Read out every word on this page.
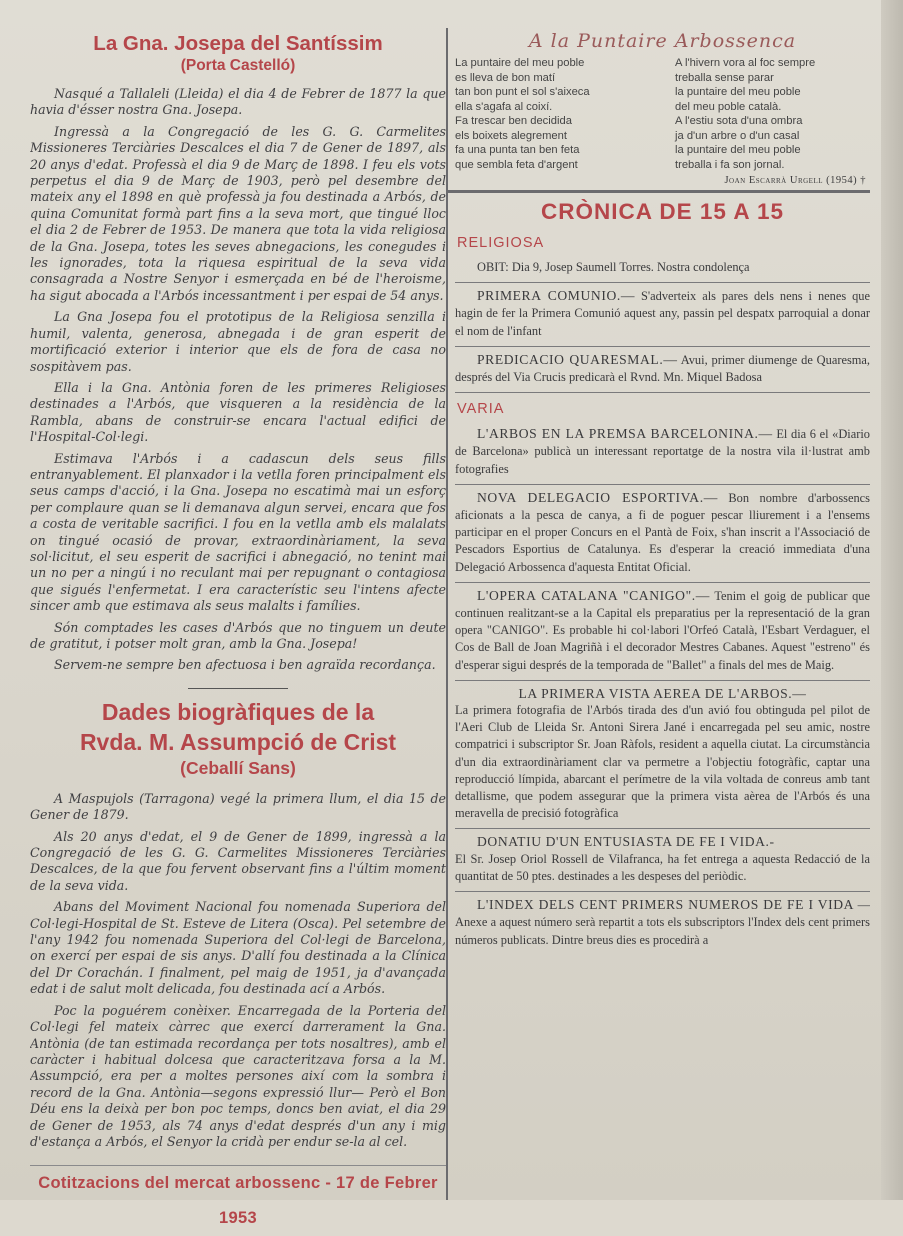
La Gna. Josepa del Santíssim
(Porta Castelló)

Nasqué a Tallaleli (Lleida) el dia 4 de Febrer de 1877 la que havia d'ésser nostra Gna. Josepa.

Ingressà a la Congregació de les G. G. Carmelites Missioneres Terciàries Descalces el dia 7 de Gener de 1897, als 20 anys d'edat. Professà el dia 9 de Març de 1898. I feu els vots perpetus el dia 9 de Març de 1903, però pel desembre del mateix any el 1898 en què professà ja fou destinada a Arbós, de quina Comunitat formà part fins a la seva mort, que tingué lloc el dia 2 de Febrer de 1953. De manera que tota la vida religiosa de la Gna. Josepa, totes les seves abnegacions, les conegudes i les ignorades, tota la riquesa espiritual de la seva vida consagrada a Nostre Senyor i esmerçada en bé de l'heroisme, ha sigut abocada a l'Arbós incessantment i per espai de 54 anys.

La Gna Josepa fou el prototipus de la Religiosa senzilla i humil, valenta, generosa, abnegada i de gran esperit de mortificació exterior i interior que els de fora de casa no sospitàvem pas.

Ella i la Gna. Antònia foren de les primeres Religioses destinades a l'Arbós, que visqueren a la residència de la Rambla, abans de construir-se encara l'actual edifici de l'Hospital-Col·legi.

Estimava l'Arbós i a cadascun dels seus fills entranyablement. El planxador i la vetlla foren principalment els seus camps d'acció, i la Gna. Josepa no escatimà mai un esforç per complaure quan se li demanava algun servei, encara que fos a costa de veritable sacrifici. I fou en la vetlla amb els malalats on tingué ocasió de provar, extraordinàriament, la seva sol·licitut, el seu esperit de sacrifici i abnegació, no tenint mai un no per a ningú i no reculant mai per repugnant o contagiosa que sigués l'enfermetat. I era característic seu l'intens afecte sincer amb que estimava als seus malalts i famílies.

Són comptades les cases d'Arbós que no tinguem un deute de gratitut, i potser molt gran, amb la Gna. Josepa!

Servem-ne sempre ben afectuosa i ben agraïda recordança.

Dades biogràfiques de la
Rvda. M. Assumpció de Crist
(Ceballí Sans)

A Maspujols (Tarragona) vegé la primera llum, el dia 15 de Gener de 1879.

Als 20 anys d'edat, el 9 de Gener de 1899, ingressà a la Congregació de les G. G. Carmelites Missioneres Terciàries Descalces, de la que fou fervent observant fins a l'últim moment de la seva vida.

Abans del Moviment Nacional fou nomenada Superiora del Col·legi-Hospital de St. Esteve de Litera (Osca). Pel setembre de l'any 1942 fou nomenada Superiora del Col·legi de Barcelona, on exercí per espai de sis anys. D'allí fou destinada a la Clínica del Dr Corachán. I finalment, pel maig de 1951, ja d'avançada edat i de salut molt delicada, fou destinada ací a Arbós.

Poc la poguérem conèixer. Encarregada de la Porteria del Col·legi fel mateix càrrec que exercí darrerament la Gna. Antònia (de tan estimada recordança per tots nosaltres), amb el caràcter i habitual dolcesa que caracteritzava forsa a la M. Assumpció, era per a moltes persones així com la sombra i record de la Gna. Antònia—segons expressió llur— Però el Bon Déu ens la deixà per bon poc temps, doncs ben aviat, el dia 29 de Gener de 1953, als 74 anys d'edat després d'un any i mig d'estança a Arbós, el Senyor la cridà per endur se-la al cel.

Cotitzacions del mercat arbossenc - 17 de Febrer 1953
A la Puntaire Arbossenca
La puntaire del meu poble
es lleva de bon matí
tan bon punt el sol s'aixeca
ella s'agafa al coixí.
Fa trescar ben decidida
els boixets alegrement
fa una punta tan ben feta
que sembla feta d'argent
A l'hivern vora al foc sempre
treballa sense parar
la puntaire del meu poble
del meu poble català.
A l'estiu sota d'una ombra
ja d'un arbre o d'un casal
la puntaire del meu poble
treballa i fa son jornal.
Joan Escarrà Urgell (1954) †
CRÒNICA DE 15 A 15
RELIGIOSA
OBIT: Dia 9, Josep Saumell Torres. Nostra condolença
PRIMERA COMUNIO.— S'adverteix als pares dels nens i nenes que hagin de fer la Primera Comunió aquest any, passin pel despatx parroquial a donar el nom de l'infant
PREDICACIO QUARESMAL.— Avui, primer diumenge de Quaresma, després del Via Crucis predicarà el Rvnd. Mn. Miquel Badosa
VARIA
L'ARBOS EN LA PREMSA BARCELONINA.— El dia 6 el «Diario de Barcelona» publicà un interessant reportatge de la nostra vila il·lustrat amb fotografies
NOVA DELEGACIO ESPORTIVA.— Bon nombre d'arbossencs aficionats a la pesca de canya, a fi de poguer pescar lliurement i a l'ensems participar en el proper Concurs en el Pantà de Foix, s'han inscrit a l'Associació de Pescadors Esportius de Catalunya. Es d'esperar la creació immediata d'una Delegació Arbossenca d'aquesta Entitat Oficial.
L'OPERA CATALANA "CANIGO".— Tenim el goig de publicar que continuen realitzant-se a la Capital els preparatius per la representació de la gran opera "CANIGO". Es probable hi col·labori l'Orfeó Català, l'Esbart Verdaguer, el Cos de Ball de Joan Magriñà i el decorador Mestres Cabanes. Aquest "estreno" és d'esperar sigui després de la temporada de "Ballet" a finals del mes de Maig.
LA PRIMERA VISTA AEREA DE L'ARBOS.—
La primera fotografia de l'Arbós tirada des d'un avió fou obtinguda pel pilot de l'Aeri Club de Lleida Sr. Antoni Sirera Jané i encarregada pel seu amic, nostre compatrici i subscriptor Sr. Joan Ràfols, resident a aquella ciutat. La circumstància d'un dia extraordinàriament clar va permetre a l'objectiu fotogràfic, captar una reproducció límpida, abarcant el perímetre de la vila voltada de conreus amb tant detallisme, que podem assegurar que la primera vista aèrea de l'Arbós és una meravella de precisió fotogràfica
DONATIU D'UN ENTUSIASTA DE FE I VIDA.-
El Sr. Josep Oriol Rossell de Vilafranca, ha fet entrega a aquesta Redacció de la quantitat de 50 ptes. destinades a les despeses del periòdic.
L'INDEX DELS CENT PRIMERS NUMEROS DE FE I VIDA — Anexe a aquest número serà repartit a tots els subscriptors l'Index dels cent primers números publicats. Dintre breus dies es procedirà a
